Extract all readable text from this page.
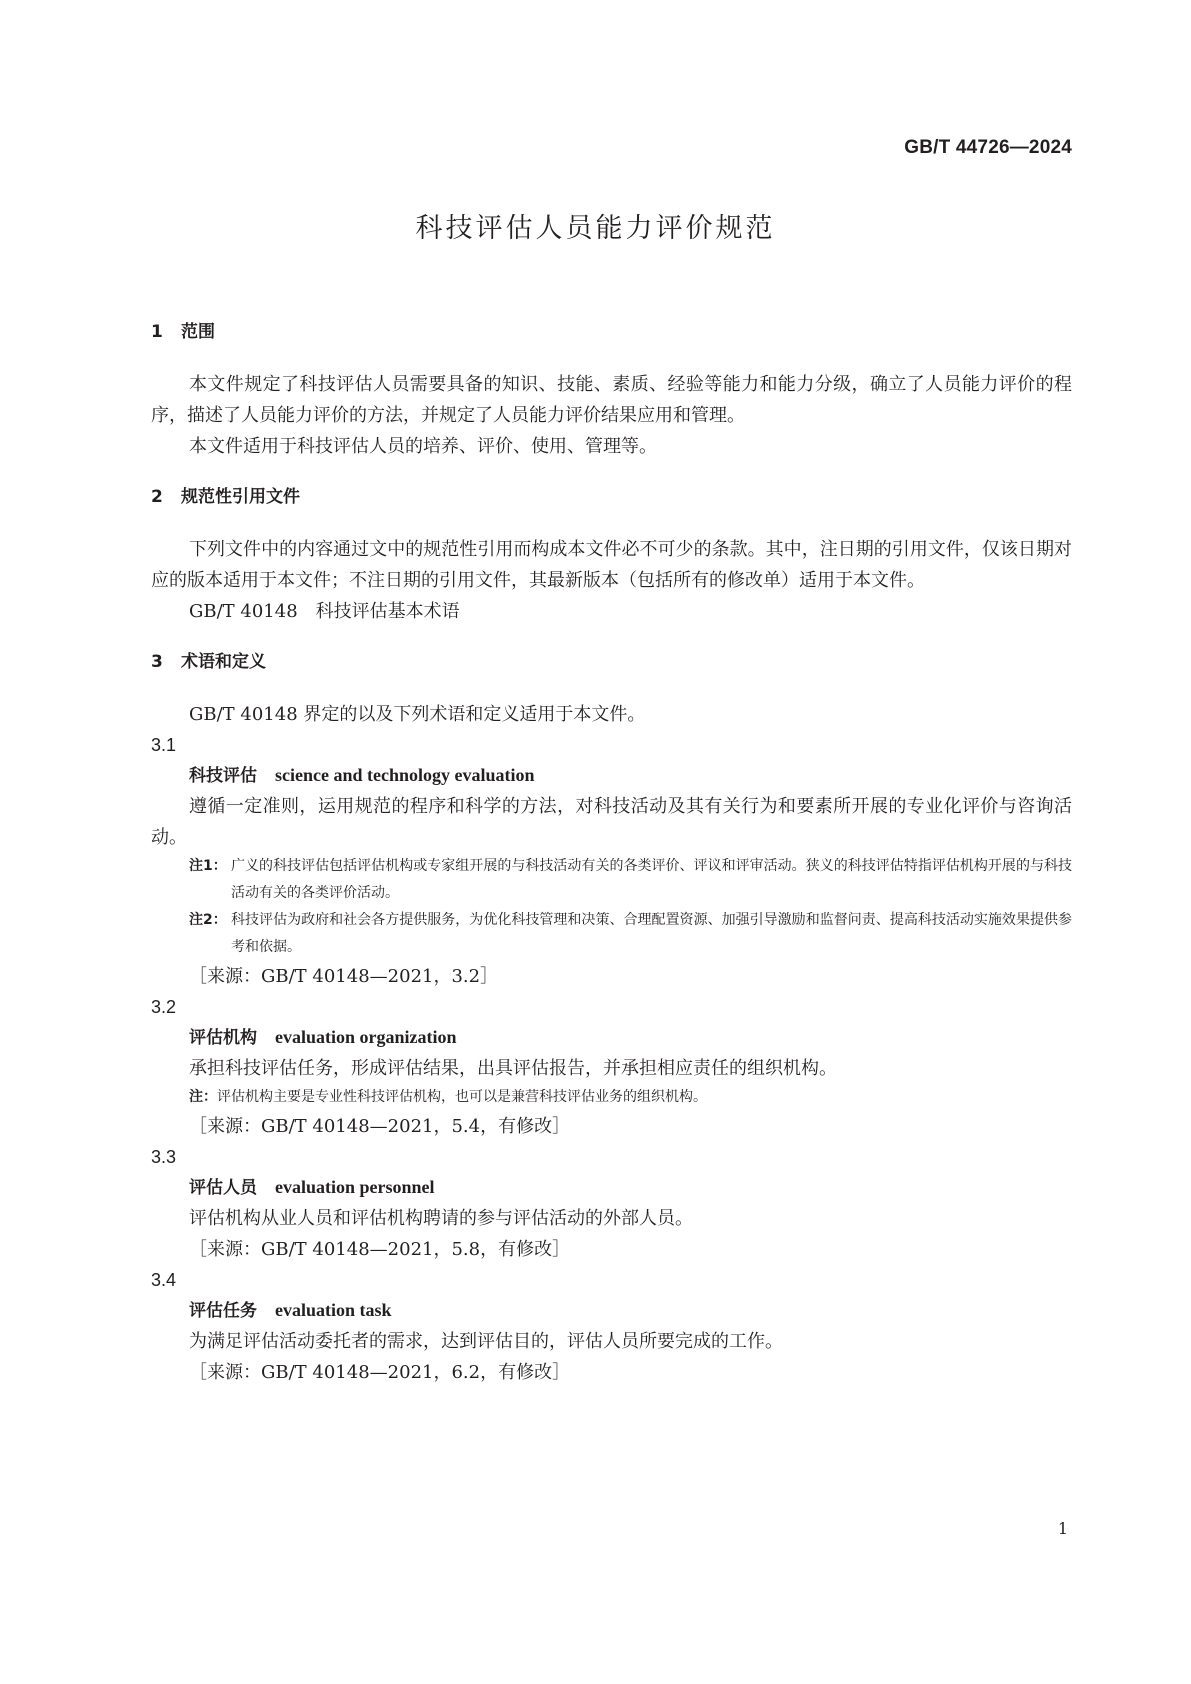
GB/T 44726—2024
科技评估人员能力评价规范
1 范围

本文件规定了科技评估人员需要具备的知识、技能、素质、经验等能力和能力分级，确立了人员能力评价的程序，描述了人员能力评价的方法，并规定了人员能力评价结果应用和管理。

本文件适用于科技评估人员的培养、评价、使用、管理等。

2 规范性引用文件

下列文件中的内容通过文中的规范性引用而构成本文件必不可少的条款。其中，注日期的引用文件，仅该日期对应的版本适用于本文件；不注日期的引用文件，其最新版本（包括所有的修改单）适用于本文件。

GB/T 40148　科技评估基本术语

3 术语和定义

GB/T 40148 界定的以及下列术语和定义适用于本文件。

3.1

科技评估 science and technology evaluation

遵循一定准则，运用规范的程序和科学的方法，对科技活动及其有关行为和要素所开展的专业化评价与咨询活动。

注1： 广义的科技评估包括评估机构或专家组开展的与科技活动有关的各类评价、评议和评审活动。狭义的科技评估特指评估机构开展的与科技活动有关的各类评价活动。

注2： 科技评估为政府和社会各方提供服务，为优化科技管理和决策、合理配置资源、加强引导激励和监督问责、提高科技活动实施效果提供参考和依据。

［来源：GB/T 40148—2021，3.2］

3.2

评估机构 evaluation organization

承担科技评估任务，形成评估结果，出具评估报告，并承担相应责任的组织机构。

注：评估机构主要是专业性科技评估机构，也可以是兼营科技评估业务的组织机构。

［来源：GB/T 40148—2021，5.4，有修改］

3.3

评估人员 evaluation personnel

评估机构从业人员和评估机构聘请的参与评估活动的外部人员。

［来源：GB/T 40148—2021，5.8，有修改］

3.4

评估任务 evaluation task

为满足评估活动委托者的需求，达到评估目的，评估人员所要完成的工作。

［来源：GB/T 40148—2021，6.2，有修改］

1
